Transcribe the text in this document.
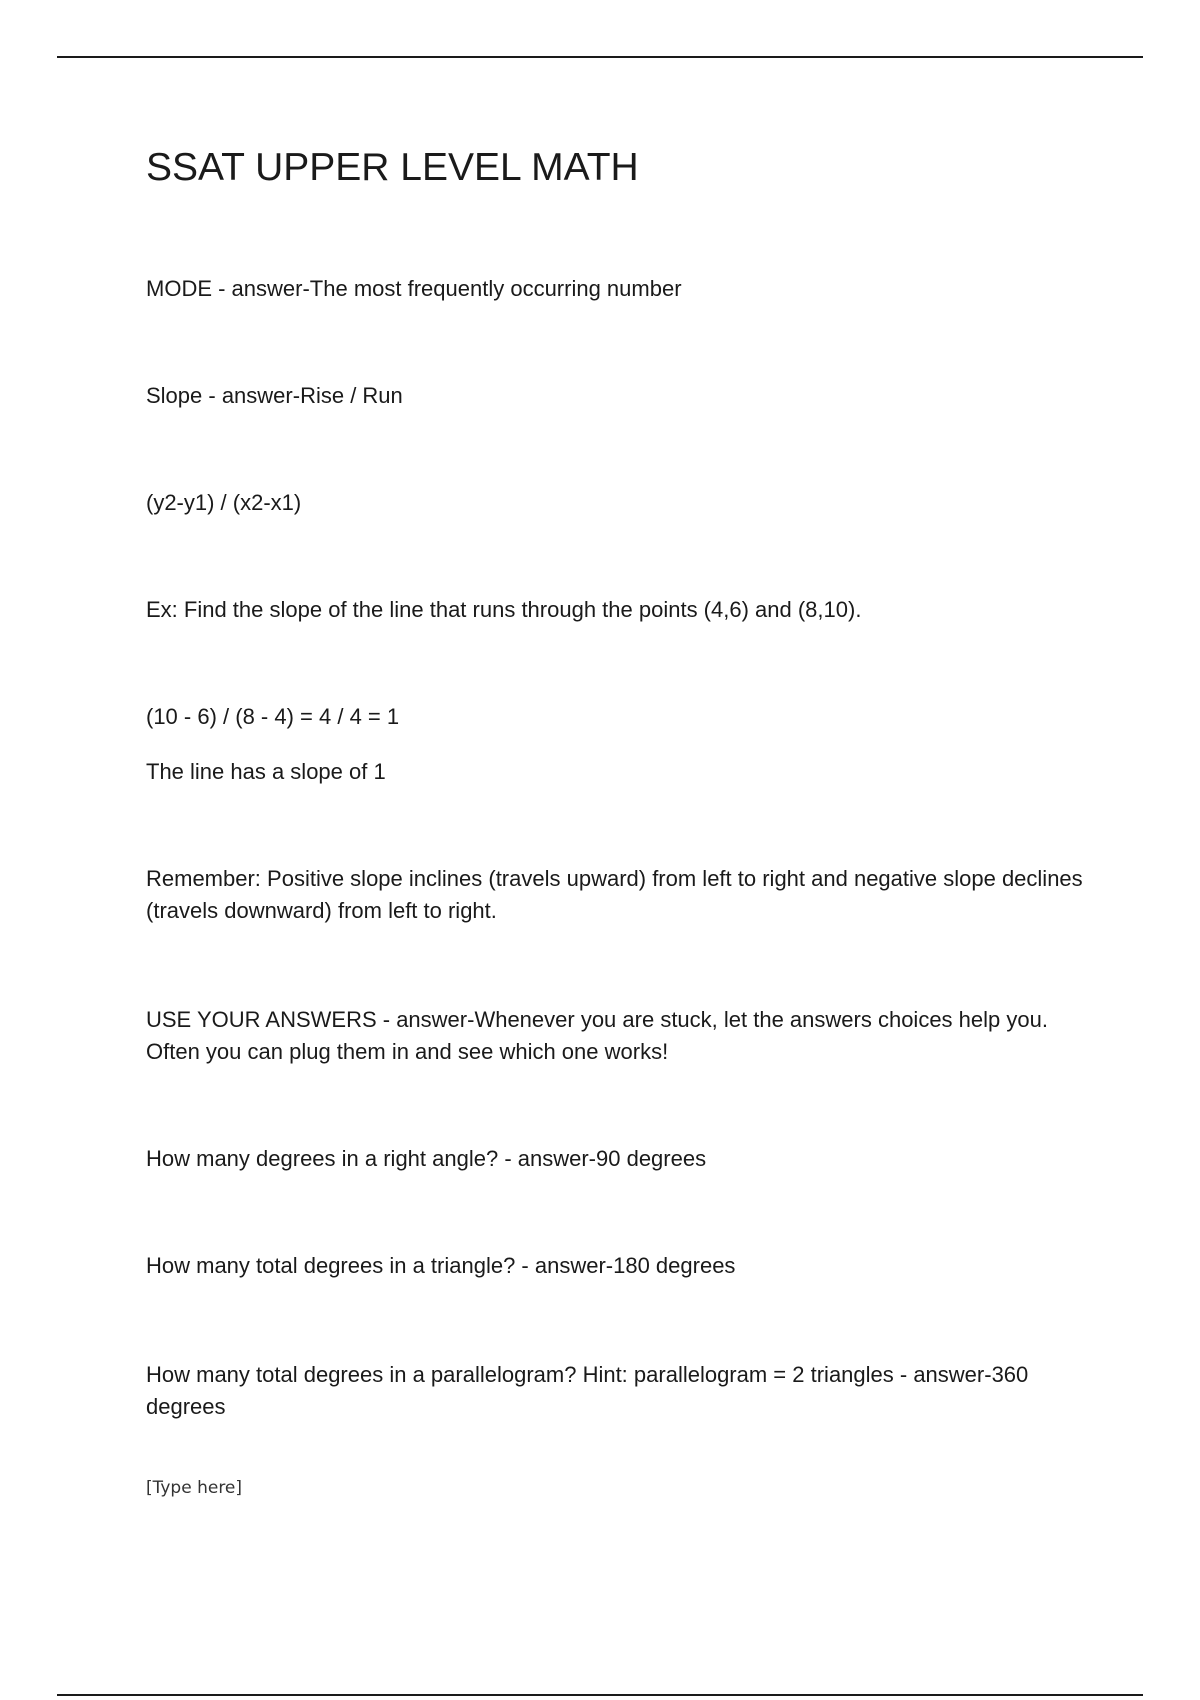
SSAT UPPER LEVEL MATH
MODE - answer-The most frequently occurring number
Slope - answer-Rise / Run
(y2-y1) / (x2-x1)
Ex: Find the slope of the line that runs through the points (4,6) and (8,10).
(10 - 6) / (8 - 4) = 4 / 4 = 1
The line has a slope of 1
Remember: Positive slope inclines (travels upward) from left to right and negative slope declines (travels downward) from left to right.
USE YOUR ANSWERS - answer-Whenever you are stuck, let the answers choices help you. Often you can plug them in and see which one works!
How many degrees in a right angle? - answer-90 degrees
How many total degrees in a triangle? - answer-180 degrees
How many total degrees in a parallelogram? Hint: parallelogram = 2 triangles - answer-360 degrees
[Type here]
